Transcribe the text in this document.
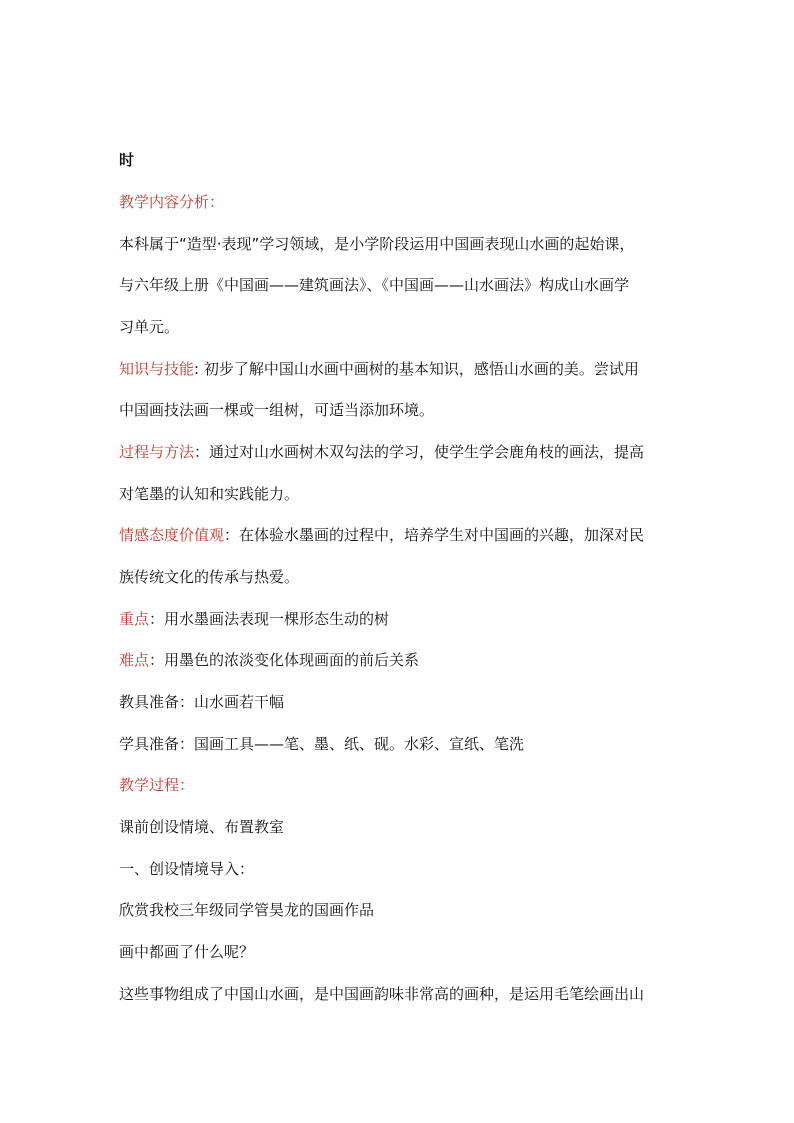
时
教学内容分析：
本科属于“造型·表现”学习领域，是小学阶段运用中国画表现山水画的起始课，
与六年级上册《中国画——建筑画法》、《中国画——山水画法》构成山水画学
习单元。
知识与技能: 初步了解中国山水画中画树的基本知识，感悟山水画的美。尝试用
中国画技法画一棵或一组树，可适当添加环境。
过程与方法：通过对山水画树木双勾法的学习，使学生学会鹿角枝的画法，提高
对笔墨的认知和实践能力。
情感态度价值观：在体验水墨画的过程中，培养学生对中国画的兴趣，加深对民
族传统文化的传承与热爱。
重点：用水墨画法表现一棵形态生动的树
难点：用墨色的浓淡变化体现画面的前后关系
教具准备：山水画若干幅
学具准备：国画工具——笔、墨、纸、砚。水彩、宣纸、笔洗
教学过程：
课前创设情境、布置教室
一、创设情境导入：
欣赏我校三年级同学管昊龙的国画作品
画中都画了什么呢？
这些事物组成了中国山水画，是中国画韵味非常高的画种，是运用毛笔绘画出山
